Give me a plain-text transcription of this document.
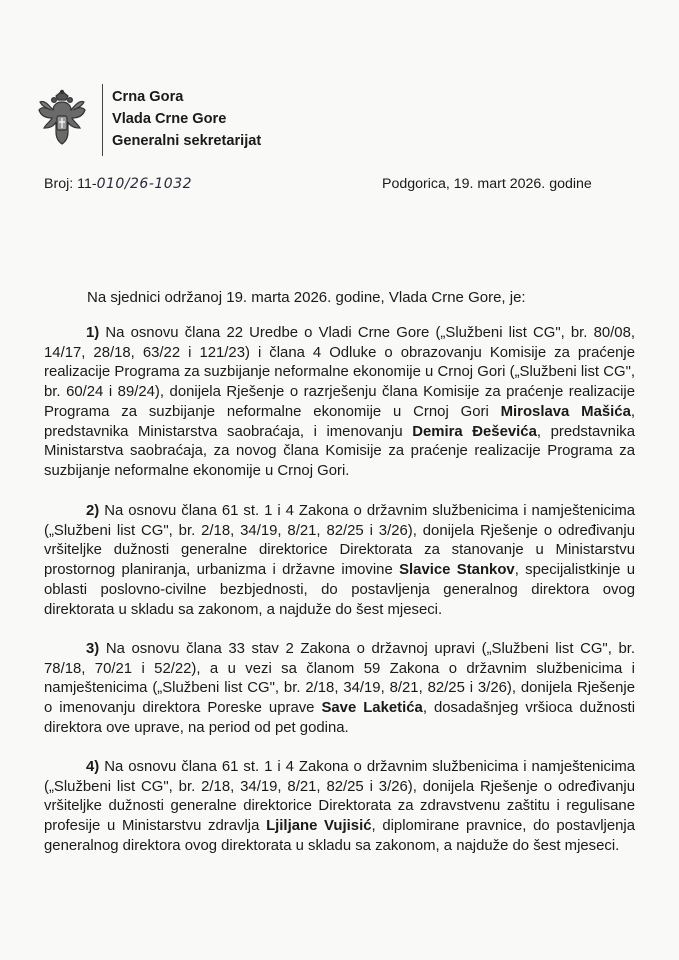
Crna Gora
Vlada Crne Gore
Generalni sekretarijat
Broj: 11-010/26-1032	Podgorica, 19. mart 2026. godine
Na sjednici održanoj 19. marta 2026. godine, Vlada Crne Gore, je:

1) Na osnovu člana 22 Uredbe o Vladi Crne Gore („Službeni list CG", br. 80/08, 14/17, 28/18, 63/22 i 121/23) i člana 4 Odluke o obrazovanju Komisije za praćenje realizacije Programa za suzbijanje neformalne ekonomije u Crnoj Gori („Službeni list CG", br. 60/24 i 89/24), donijela Rješenje o razrješenju člana Komisije za praćenje realizacije Programa za suzbijanje neformalne ekonomije u Crnoj Gori Miroslava Mašića, predstavnika Ministarstva saobraćaja, i imenovanju Demira Đeševića, predstavnika Ministarstva saobraćaja, za novog člana Komisije za praćenje realizacije Programa za suzbijanje neformalne ekonomije u Crnoj Gori.

2) Na osnovu člana 61 st. 1 i 4 Zakona o državnim službenicima i namještenicima („Službeni list CG", br. 2/18, 34/19, 8/21, 82/25 i 3/26), donijela Rješenje o određivanju vršiteljke dužnosti generalne direktorice Direktorata za stanovanje u Ministarstvu prostornog planiranja, urbanizma i državne imovine Slavice Stankov, specijalistkinje u oblasti poslovno-civilne bezbjednosti, do postavljenja generalnog direktora ovog direktorata u skladu sa zakonom, a najduže do šest mjeseci.

3) Na osnovu člana 33 stav 2 Zakona o državnoj upravi („Službeni list CG", br. 78/18, 70/21 i 52/22), a u vezi sa članom 59 Zakona o državnim službenicima i namještenicima („Službeni list CG", br. 2/18, 34/19, 8/21, 82/25 i 3/26), donijela Rješenje o imenovanju direktora Poreske uprave Save Laketića, dosadašnjeg vršioca dužnosti direktora ove uprave, na period od pet godina.

4) Na osnovu člana 61 st. 1 i 4 Zakona o državnim službenicima i namještenicima („Službeni list CG", br. 2/18, 34/19, 8/21, 82/25 i 3/26), donijela Rješenje o određivanju vršiteljke dužnosti generalne direktorice Direktorata za zdravstvenu zaštitu i regulisane profesije u Ministarstvu zdravlja Ljiljane Vujisić, diplomirane pravnice, do postavljenja generalnog direktora ovog direktorata u skladu sa zakonom, a najduže do šest mjeseci.
